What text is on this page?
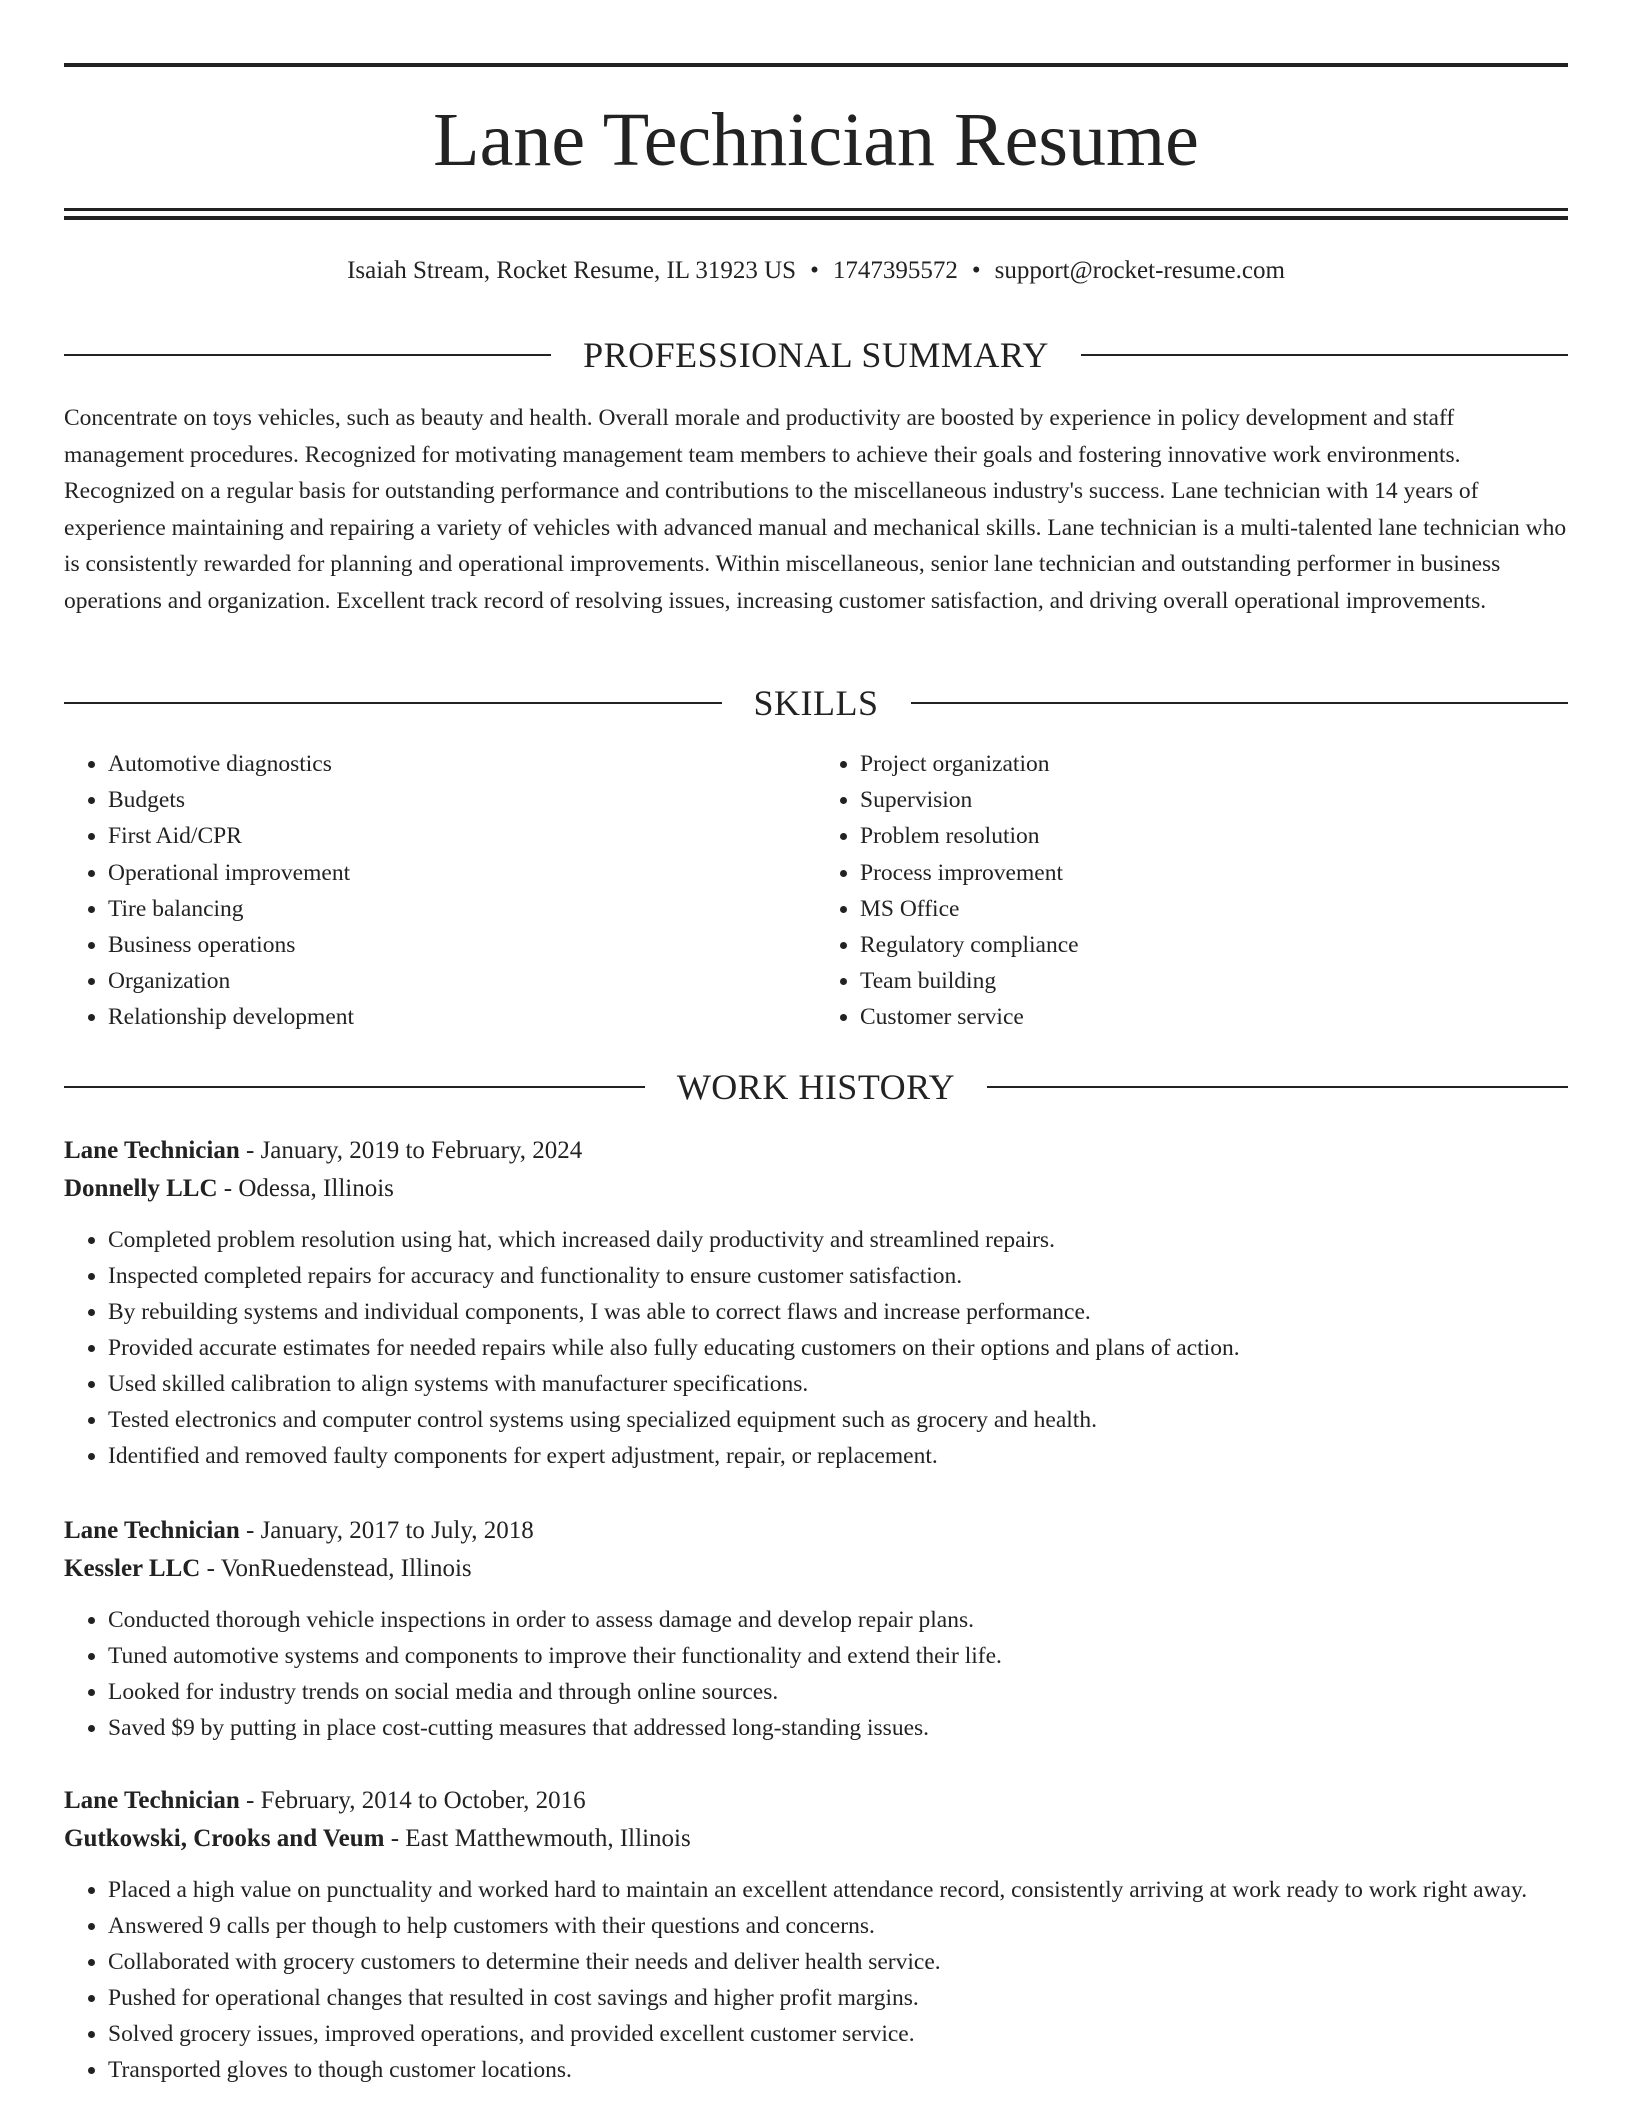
Lane Technician Resume
Isaiah Stream, Rocket Resume, IL 31923 US • 1747395572 • support@rocket-resume.com
PROFESSIONAL SUMMARY

Concentrate on toys vehicles, such as beauty and health. Overall morale and productivity are boosted by experience in policy development and staff management procedures. Recognized for motivating management team members to achieve their goals and fostering innovative work environments. Recognized on a regular basis for outstanding performance and contributions to the miscellaneous industry's success. Lane technician with 14 years of experience maintaining and repairing a variety of vehicles with advanced manual and mechanical skills. Lane technician is a multi-talented lane technician who is consistently rewarded for planning and operational improvements. Within miscellaneous, senior lane technician and outstanding performer in business operations and organization. Excellent track record of resolving issues, increasing customer satisfaction, and driving overall operational improvements.

SKILLS
• Automotive diagnostics
• Budgets
• First Aid/CPR
• Operational improvement
• Tire balancing
• Business operations
• Organization
• Relationship development
• Project organization
• Supervision
• Problem resolution
• Process improvement
• MS Office
• Regulatory compliance
• Team building
• Customer service
WORK HISTORY
Lane Technician - January, 2019 to February, 2024
Donnelly LLC - Odessa, Illinois
• Completed problem resolution using hat, which increased daily productivity and streamlined repairs.
• Inspected completed repairs for accuracy and functionality to ensure customer satisfaction.
• By rebuilding systems and individual components, I was able to correct flaws and increase performance.
• Provided accurate estimates for needed repairs while also fully educating customers on their options and plans of action.
• Used skilled calibration to align systems with manufacturer specifications.
• Tested electronics and computer control systems using specialized equipment such as grocery and health.
• Identified and removed faulty components for expert adjustment, repair, or replacement.
Lane Technician - January, 2017 to July, 2018
Kessler LLC - VonRuedenstead, Illinois
• Conducted thorough vehicle inspections in order to assess damage and develop repair plans.
• Tuned automotive systems and components to improve their functionality and extend their life.
• Looked for industry trends on social media and through online sources.
• Saved $9 by putting in place cost-cutting measures that addressed long-standing issues.
Lane Technician - February, 2014 to October, 2016
Gutkowski, Crooks and Veum - East Matthewmouth, Illinois
• Placed a high value on punctuality and worked hard to maintain an excellent attendance record, consistently arriving at work ready to work right away.
• Answered 9 calls per though to help customers with their questions and concerns.
• Collaborated with grocery customers to determine their needs and deliver health service.
• Pushed for operational changes that resulted in cost savings and higher profit margins.
• Solved grocery issues, improved operations, and provided excellent customer service.
• Transported gloves to though customer locations.
